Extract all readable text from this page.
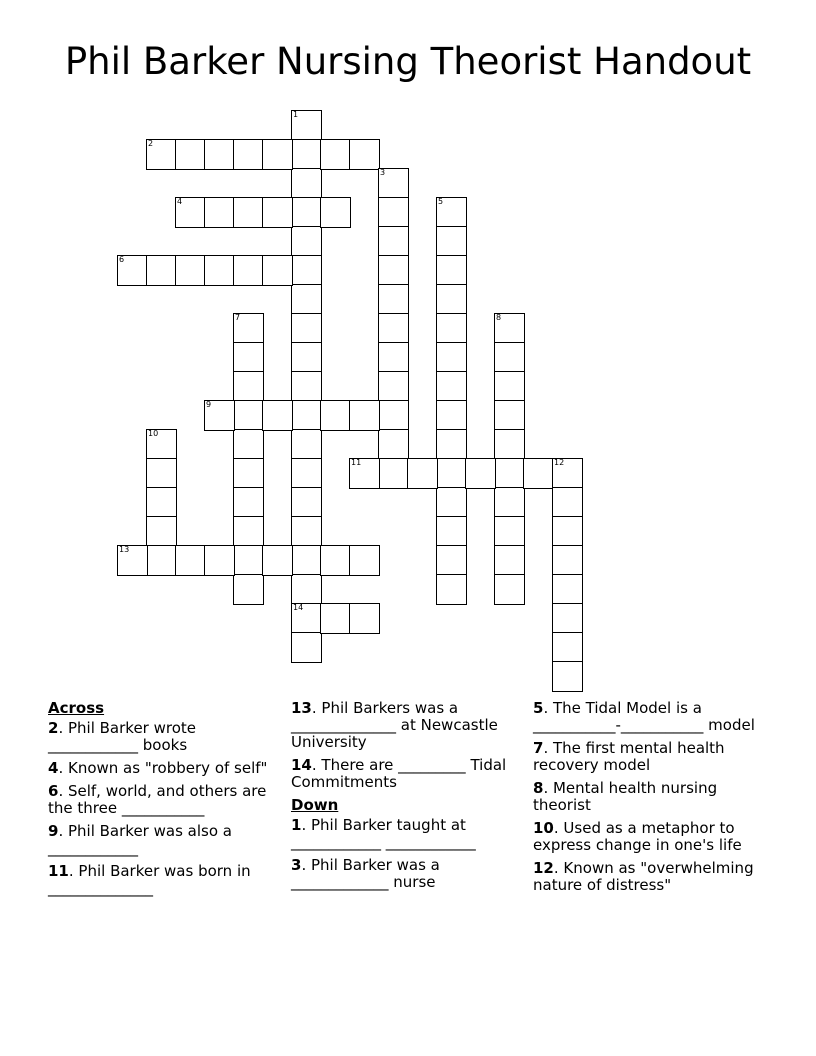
Phil Barker Nursing Theorist Handout
1
14
2
3
4	5
6
7	8
9
10
11	12
13
Across
2. Phil Barker wrote ____________ books
4. Known as "robbery of self"
6. Self, world, and others are the three ___________
9. Phil Barker was also a ____________
11. Phil Barker was born in ______________
13. Phil Barkers was a ______________ at Newcastle University
14. There are _________ Tidal Commitments
Down
1. Phil Barker taught at ____________ ____________
3. Phil Barker was a _____________ nurse
5. The Tidal Model is a ___________-___________ model
7. The first mental health recovery model
8. Mental health nursing theorist
10. Used as a metaphor to express change in one's life
12. Known as "overwhelming nature of distress"
